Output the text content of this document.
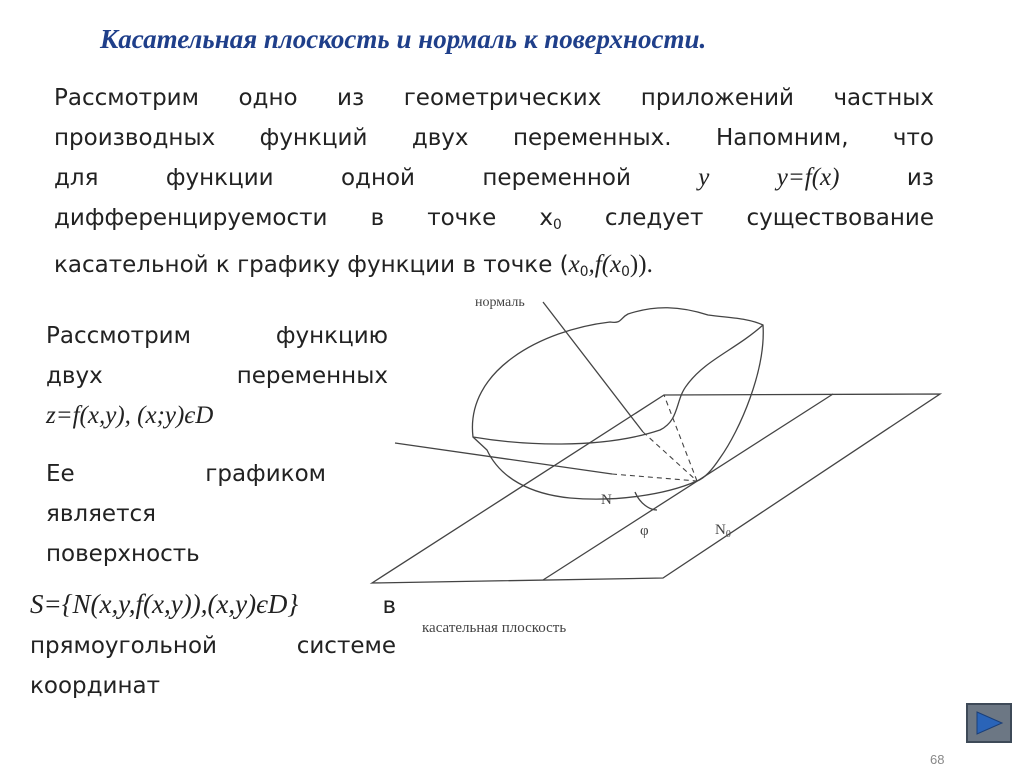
Касательная плоскость и нормаль к поверхности.
Рассмотрим одно из геометрических приложений частных
производных функций двух переменных. Напомним, что
для	функции	одной	переменной	y	y=f(x)	из
дифференцируемости в точке $х_0$ следует существование
касательной к графику функции в точке $(x_0,f(x_0))$.
Рассмотрим	функцию
двух	переменных
z=f(x,y), (x;y)єD
Ее	графиком
является
поверхность
S={N(x,y,f(x,y)),(x,y)єD}	в
прямоугольной	системе
координат
нормаль
N
φ	$N_0$
касательная плоскость
68
